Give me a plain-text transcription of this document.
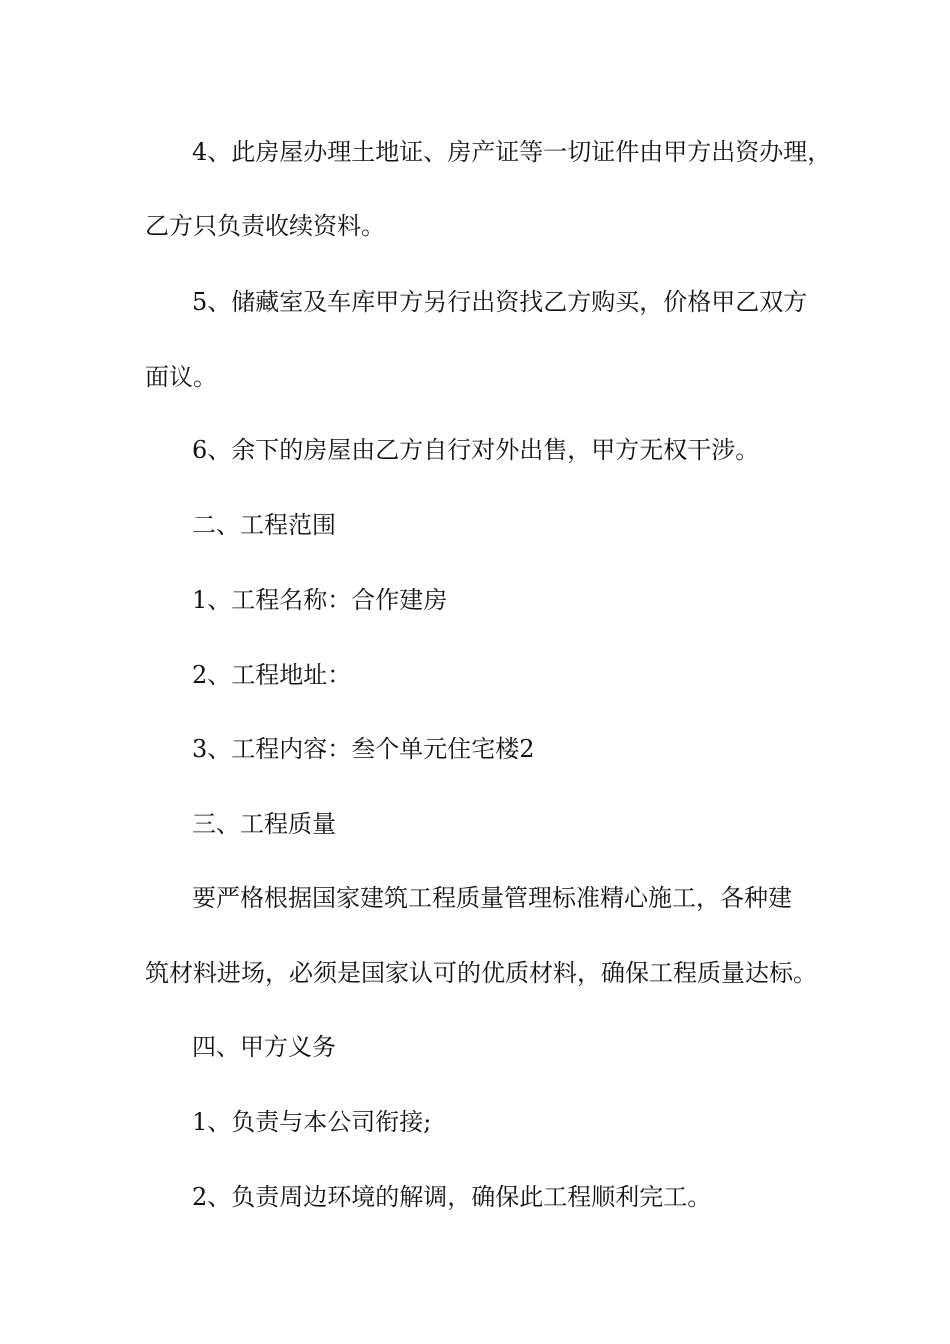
4、此房屋办理土地证、房产证等一切证件由甲方出资办理，
乙方只负责收续资料。
5、储藏室及车库甲方另行出资找乙方购买，价格甲乙双方
面议。
6、余下的房屋由乙方自行对外出售，甲方无权干涉。
二、工程范围
1、工程名称：合作建房
2、工程地址：
3、工程内容：叁个单元住宅楼2
三、工程质量
要严格根据国家建筑工程质量管理标准精心施工，各种建
筑材料进场，必须是国家认可的优质材料，确保工程质量达标。
四、甲方义务
1、负责与本公司衔接;
2、负责周边环境的解调，确保此工程顺利完工。
